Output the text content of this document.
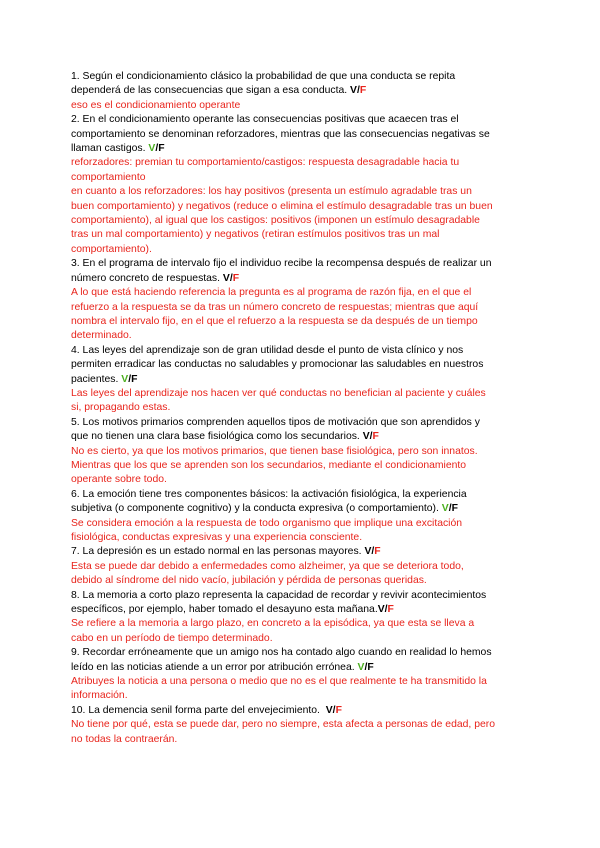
1. Según el condicionamiento clásico la probabilidad de que una conducta se repita
dependerá de las consecuencias que sigan a esa conducta. V/F
eso es el condicionamiento operante
2. En el condicionamiento operante las consecuencias positivas que acaecen tras el
comportamiento se denominan reforzadores, mientras que las consecuencias negativas se
llaman castigos. V/F
reforzadores: premian tu comportamiento/castigos: respuesta desagradable hacia tu
comportamiento
en cuanto a los reforzadores: los hay positivos (presenta un estímulo agradable tras un
buen comportamiento) y negativos (reduce o elimina el estímulo desagradable tras un buen
comportamiento), al igual que los castigos: positivos (imponen un estímulo desagradable
tras un mal comportamiento) y negativos (retiran estímulos positivos tras un mal
comportamiento).
3. En el programa de intervalo fijo el individuo recibe la recompensa después de realizar un
número concreto de respuestas. V/F
A lo que está haciendo referencia la pregunta es al programa de razón fija, en el que el
refuerzo a la respuesta se da tras un número concreto de respuestas; mientras que aquí
nombra el intervalo fijo, en el que el refuerzo a la respuesta se da después de un tiempo
determinado.
4. Las leyes del aprendizaje son de gran utilidad desde el punto de vista clínico y nos
permiten erradicar las conductas no saludables y promocionar las saludables en nuestros
pacientes. V/F
Las leyes del aprendizaje nos hacen ver qué conductas no benefician al paciente y cuáles
si, propagando estas.
5. Los motivos primarios comprenden aquellos tipos de motivación que son aprendidos y
que no tienen una clara base fisiológica como los secundarios. V/F
No es cierto, ya que los motivos primarios, que tienen base fisiológica, pero son innatos.
Mientras que los que se aprenden son los secundarios, mediante el condicionamiento
operante sobre todo.
6. La emoción tiene tres componentes básicos: la activación fisiológica, la experiencia
subjetiva (o componente cognitivo) y la conducta expresiva (o comportamiento). V/F
Se considera emoción a la respuesta de todo organismo que implique una excitación
fisiológica, conductas expresivas y una experiencia consciente.
7. La depresión es un estado normal en las personas mayores. V/F
Esta se puede dar debido a enfermedades como alzheimer, ya que se deteriora todo,
debido al síndrome del nido vacío, jubilación y pérdida de personas queridas.
8. La memoria a corto plazo representa la capacidad de recordar y revivir acontecimientos
específicos, por ejemplo, haber tomado el desayuno esta mañana.V/F
Se refiere a la memoria a largo plazo, en concreto a la episódica, ya que esta se lleva a
cabo en un período de tiempo determinado.
9. Recordar erróneamente que un amigo nos ha contado algo cuando en realidad lo hemos
leído en las noticias atiende a un error por atribución errónea. V/F
Atribuyes la noticia a una persona o medio que no es el que realmente te ha transmitido la
información.
10. La demencia senil forma parte del envejecimiento. V/F
No tiene por qué, esta se puede dar, pero no siempre, esta afecta a personas de edad, pero
no todas la contraerán.
